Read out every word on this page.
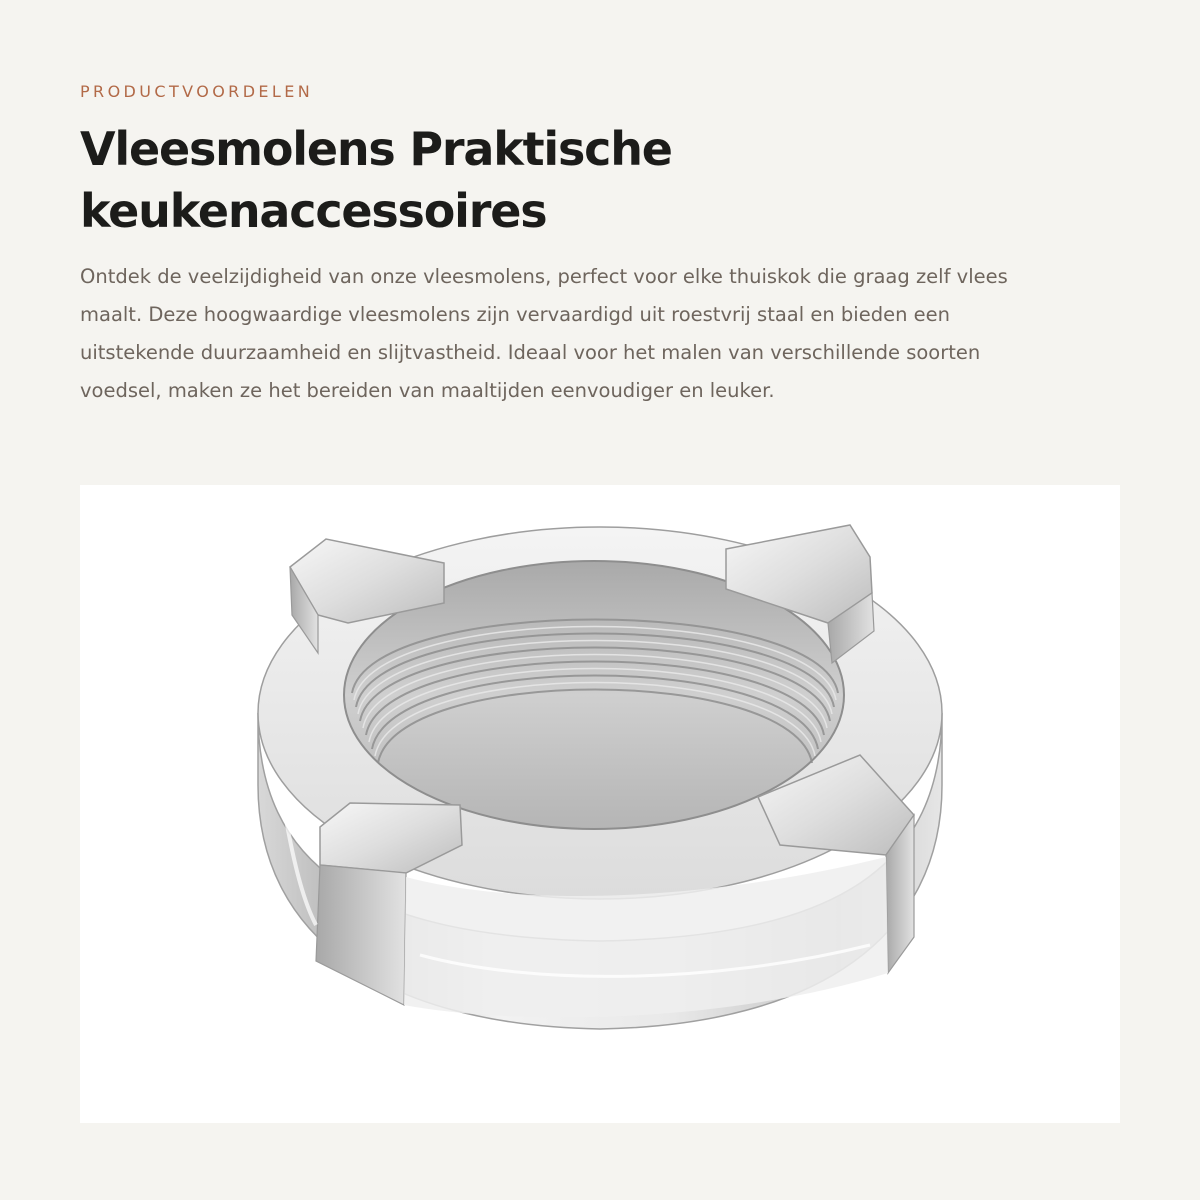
PRODUCTVOORDELEN
Vleesmolens Praktische keukenaccessoires

Ontdek de veelzijdigheid van onze vleesmolens, perfect voor elke thuiskok die graag zelf vlees maalt. Deze hoogwaardige vleesmolens zijn vervaardigd uit roestvrij staal en bieden een uitstekende duurzaamheid en slijtvastheid. Ideaal voor het malen van verschillende soorten voedsel, maken ze het bereiden van maaltijden eenvoudiger en leuker.
